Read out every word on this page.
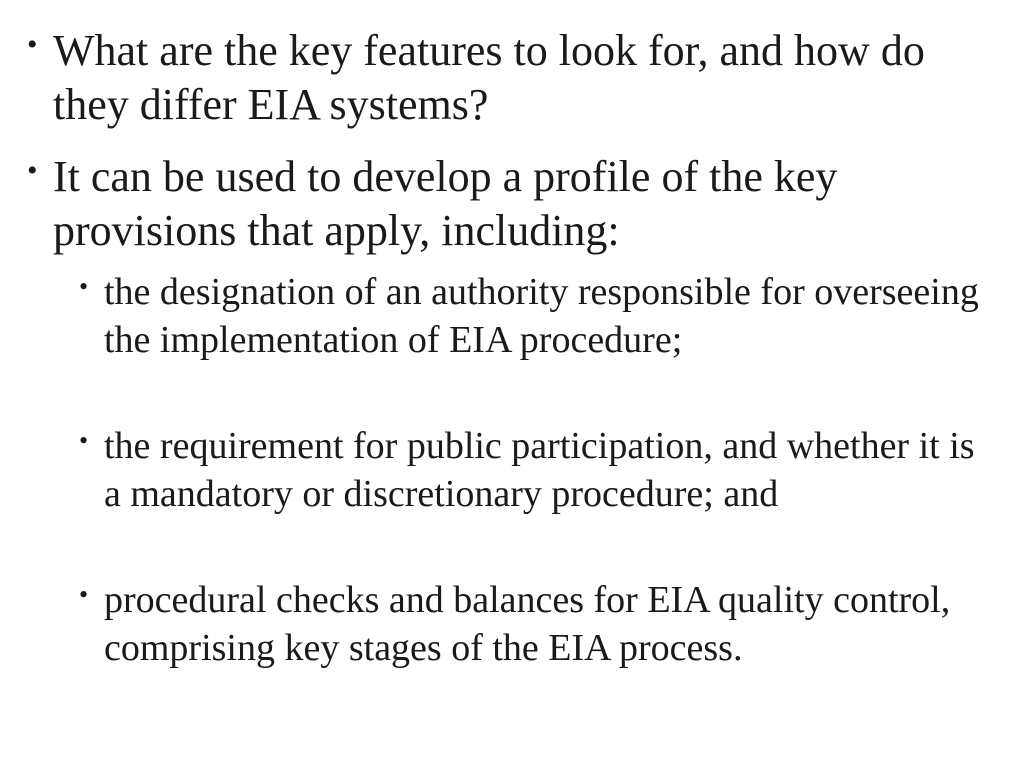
• What are the key features to look for, and how do they differ EIA systems?
• It can be used to develop a profile of the key provisions that apply, including:
• the designation of an authority responsible for overseeing the implementation of EIA procedure;
• the requirement for public participation, and whether it is a mandatory or discretionary procedure; and
• procedural checks and balances for EIA quality control, comprising key stages of the EIA process.
